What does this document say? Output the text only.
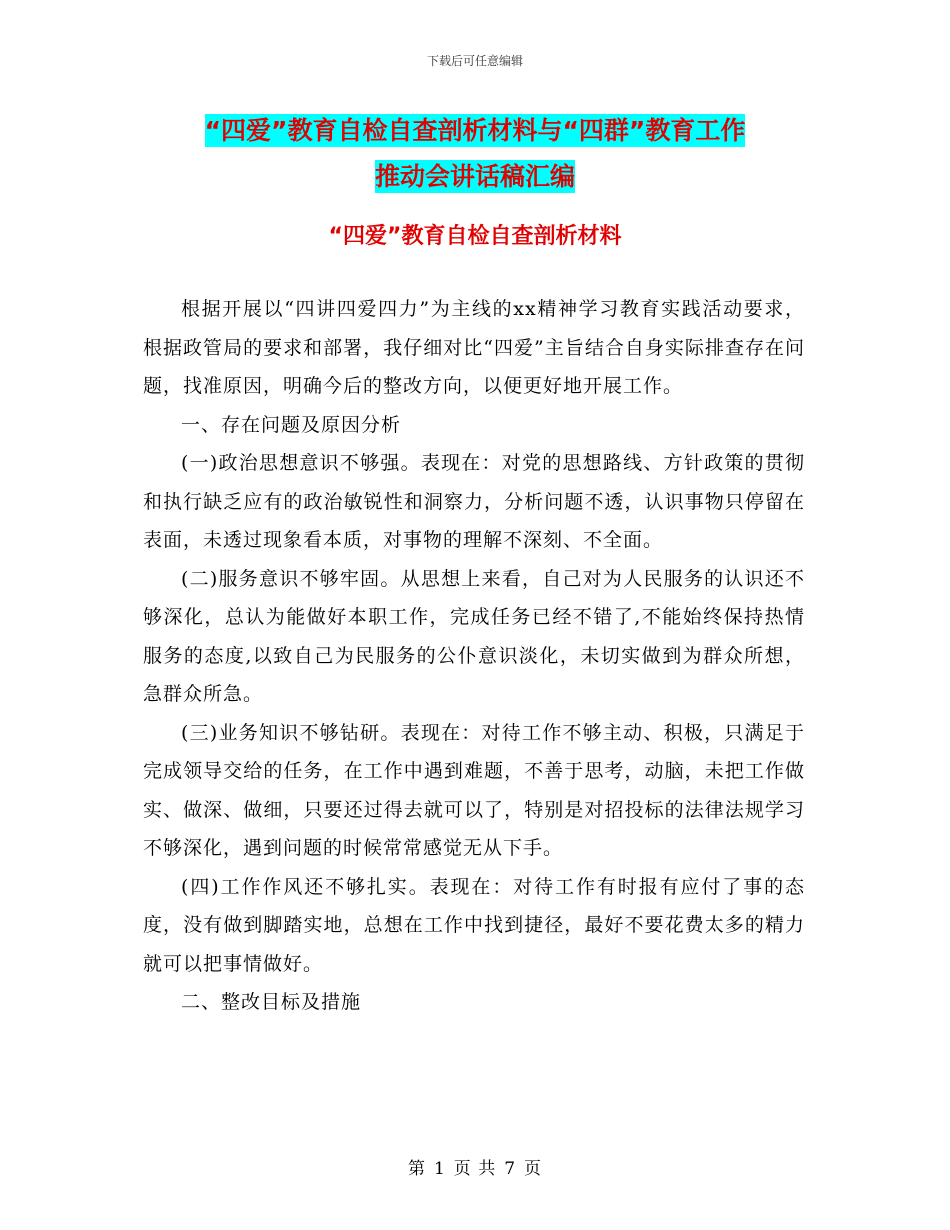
下载后可任意编辑
“四爱”教育自检自查剖析材料与“四群”教育工作
推动会讲话稿汇编
“四爱”教育自检自查剖析材料

根据开展以“四讲四爱四力”为主线的xx精神学习教育实践活动要求，根据政管局的要求和部署，我仔细对比“四爱”主旨结合自身实际排查存在问题，找准原因，明确今后的整改方向，以便更好地开展工作。

一、存在问题及原因分析

(一)政治思想意识不够强。表现在：对党的思想路线、方针政策的贯彻和执行缺乏应有的政治敏锐性和洞察力，分析问题不透，认识事物只停留在表面，未透过现象看本质，对事物的理解不深刻、不全面。

(二)服务意识不够牢固。从思想上来看，自己对为人民服务的认识还不够深化，总认为能做好本职工作，完成任务已经不错了,不能始终保持热情服务的态度,以致自己为民服务的公仆意识淡化，未切实做到为群众所想，急群众所急。

(三)业务知识不够钻研。表现在：对待工作不够主动、积极，只满足于完成领导交给的任务，在工作中遇到难题，不善于思考，动脑，未把工作做实、做深、做细，只要还过得去就可以了，特别是对招投标的法律法规学习不够深化，遇到问题的时候常常感觉无从下手。

(四)工作作风还不够扎实。表现在：对待工作有时报有应付了事的态度，没有做到脚踏实地，总想在工作中找到捷径，最好不要花费太多的精力就可以把事情做好。

二、整改目标及措施

第 1 页 共 7 页
